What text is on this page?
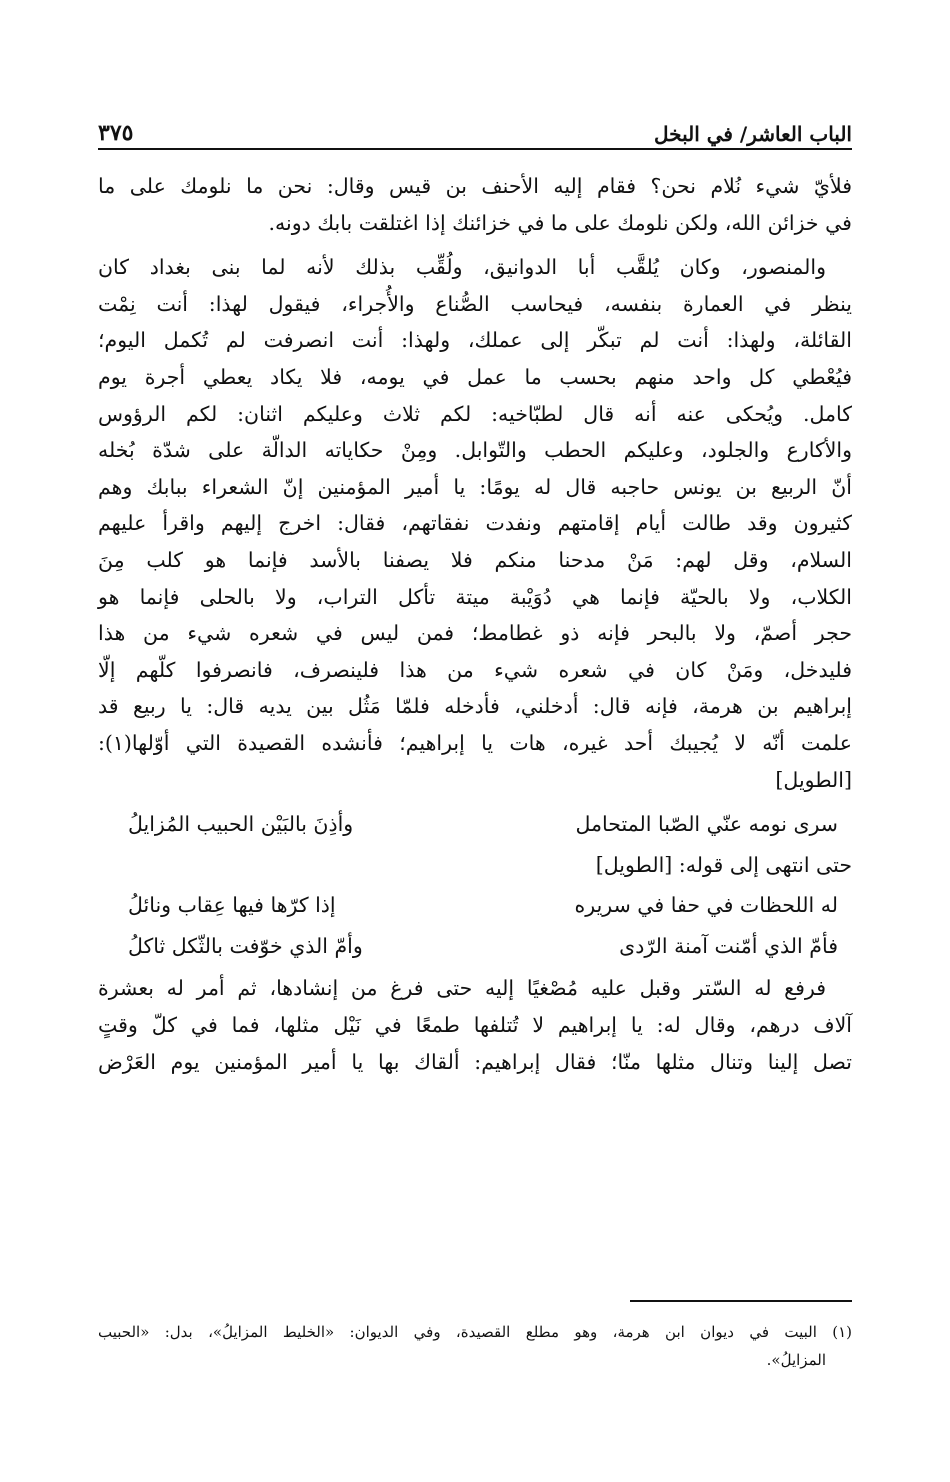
٣٧٥	الباب العاشر/ في البخل

فلأيّ شيء نُلام نحن؟ فقام إليه الأحنف بن قيس وقال: نحن ما نلومك على ما
في خزائن الله، ولكن نلومك على ما في خزائنك إذا اغتلقت بابك دونه.

والمنصور، وكان يُلقَّب أبا الدوانيق، ولُقِّب بذلك لأنه لما بنى بغداد كان
ينظر في العمارة بنفسه، فيحاسب الصُّناع والأُجراء، فيقول لهذا: أنت نِمْت
القائلة، ولهذا: أنت لم تبكّر إلى عملك، ولهذا: أنت انصرفت لم تُكمل اليوم؛
فيُعْطي كل واحد منهم بحسب ما عمل في يومه، فلا يكاد يعطي أجرة يوم
كامل. ويُحكى عنه أنه قال لطبّاخيه: لكم ثلاث وعليكم اثنان: لكم الرؤوس
والأكارع والجلود، وعليكم الحطب والتّوابل. ومِنْ حكاياته الدالّة على شدّة بُخله
أنّ الربيع بن يونس حاجبه قال له يومًا: يا أمير المؤمنين إنّ الشعراء ببابك وهم
كثيرون وقد طالت أيام إقامتهم ونفدت نفقاتهم، فقال: اخرج إليهم واقرأ عليهم
السلام، وقل لهم: مَنْ مدحنا منكم فلا يصفنا بالأسد فإنما هو كلب مِنَ
الكلاب، ولا بالحيّة فإنما هي دُوَيْبة ميتة تأكل التراب، ولا بالحلى فإنما هو
حجر أصمّ، ولا بالبحر فإنه ذو غطامط؛ فمن ليس في شعره شيء من هذا
فليدخل، ومَنْ كان في شعره شيء من هذا فلينصرف، فانصرفوا كلّهم إلّا
إبراهيم بن هرمة، فإنه قال: أدخلني، فأدخله فلمّا مَثُل بين يديه قال: يا ربيع قد
علمت أنّه لا يُجيبك أحد غيره، هات يا إبراهيم؛ فأنشده القصيدة التي أوّلها(١):
[الطويل]

سرى نومه عنّي الصّبا المتحامل
وأذِنَ بالبَيْن الحبيب المُزايلُ
حتى انتهى إلى قوله: [الطويل]
له اللحظات في حفا في سريره
إذا كرّها فيها عِقاب ونائلُ
فأمّ الذي أمّنت آمنة الرّدى
وأمّ الذي خوّفت بالثّكل ثاكلُ

فرفع له السّتر وقبل عليه مُصْغيًا إليه حتى فرغ من إنشادها، ثم أمر له بعشرة
آلاف درهم، وقال له: يا إبراهيم لا تُتلفها طمعًا في نَيْل مثلها، فما في كلّ وقتٍ
تصل إلينا وتنال مثلها منّا؛ فقال إبراهيم: ألقاك بها يا أمير المؤمنين يوم العَرْض

(١) البيت في ديوان ابن هرمة، وهو مطلع القصيدة، وفي الديوان: «الخليط المزايلُ»، بدل: «الحبيب
المزايلُ».
